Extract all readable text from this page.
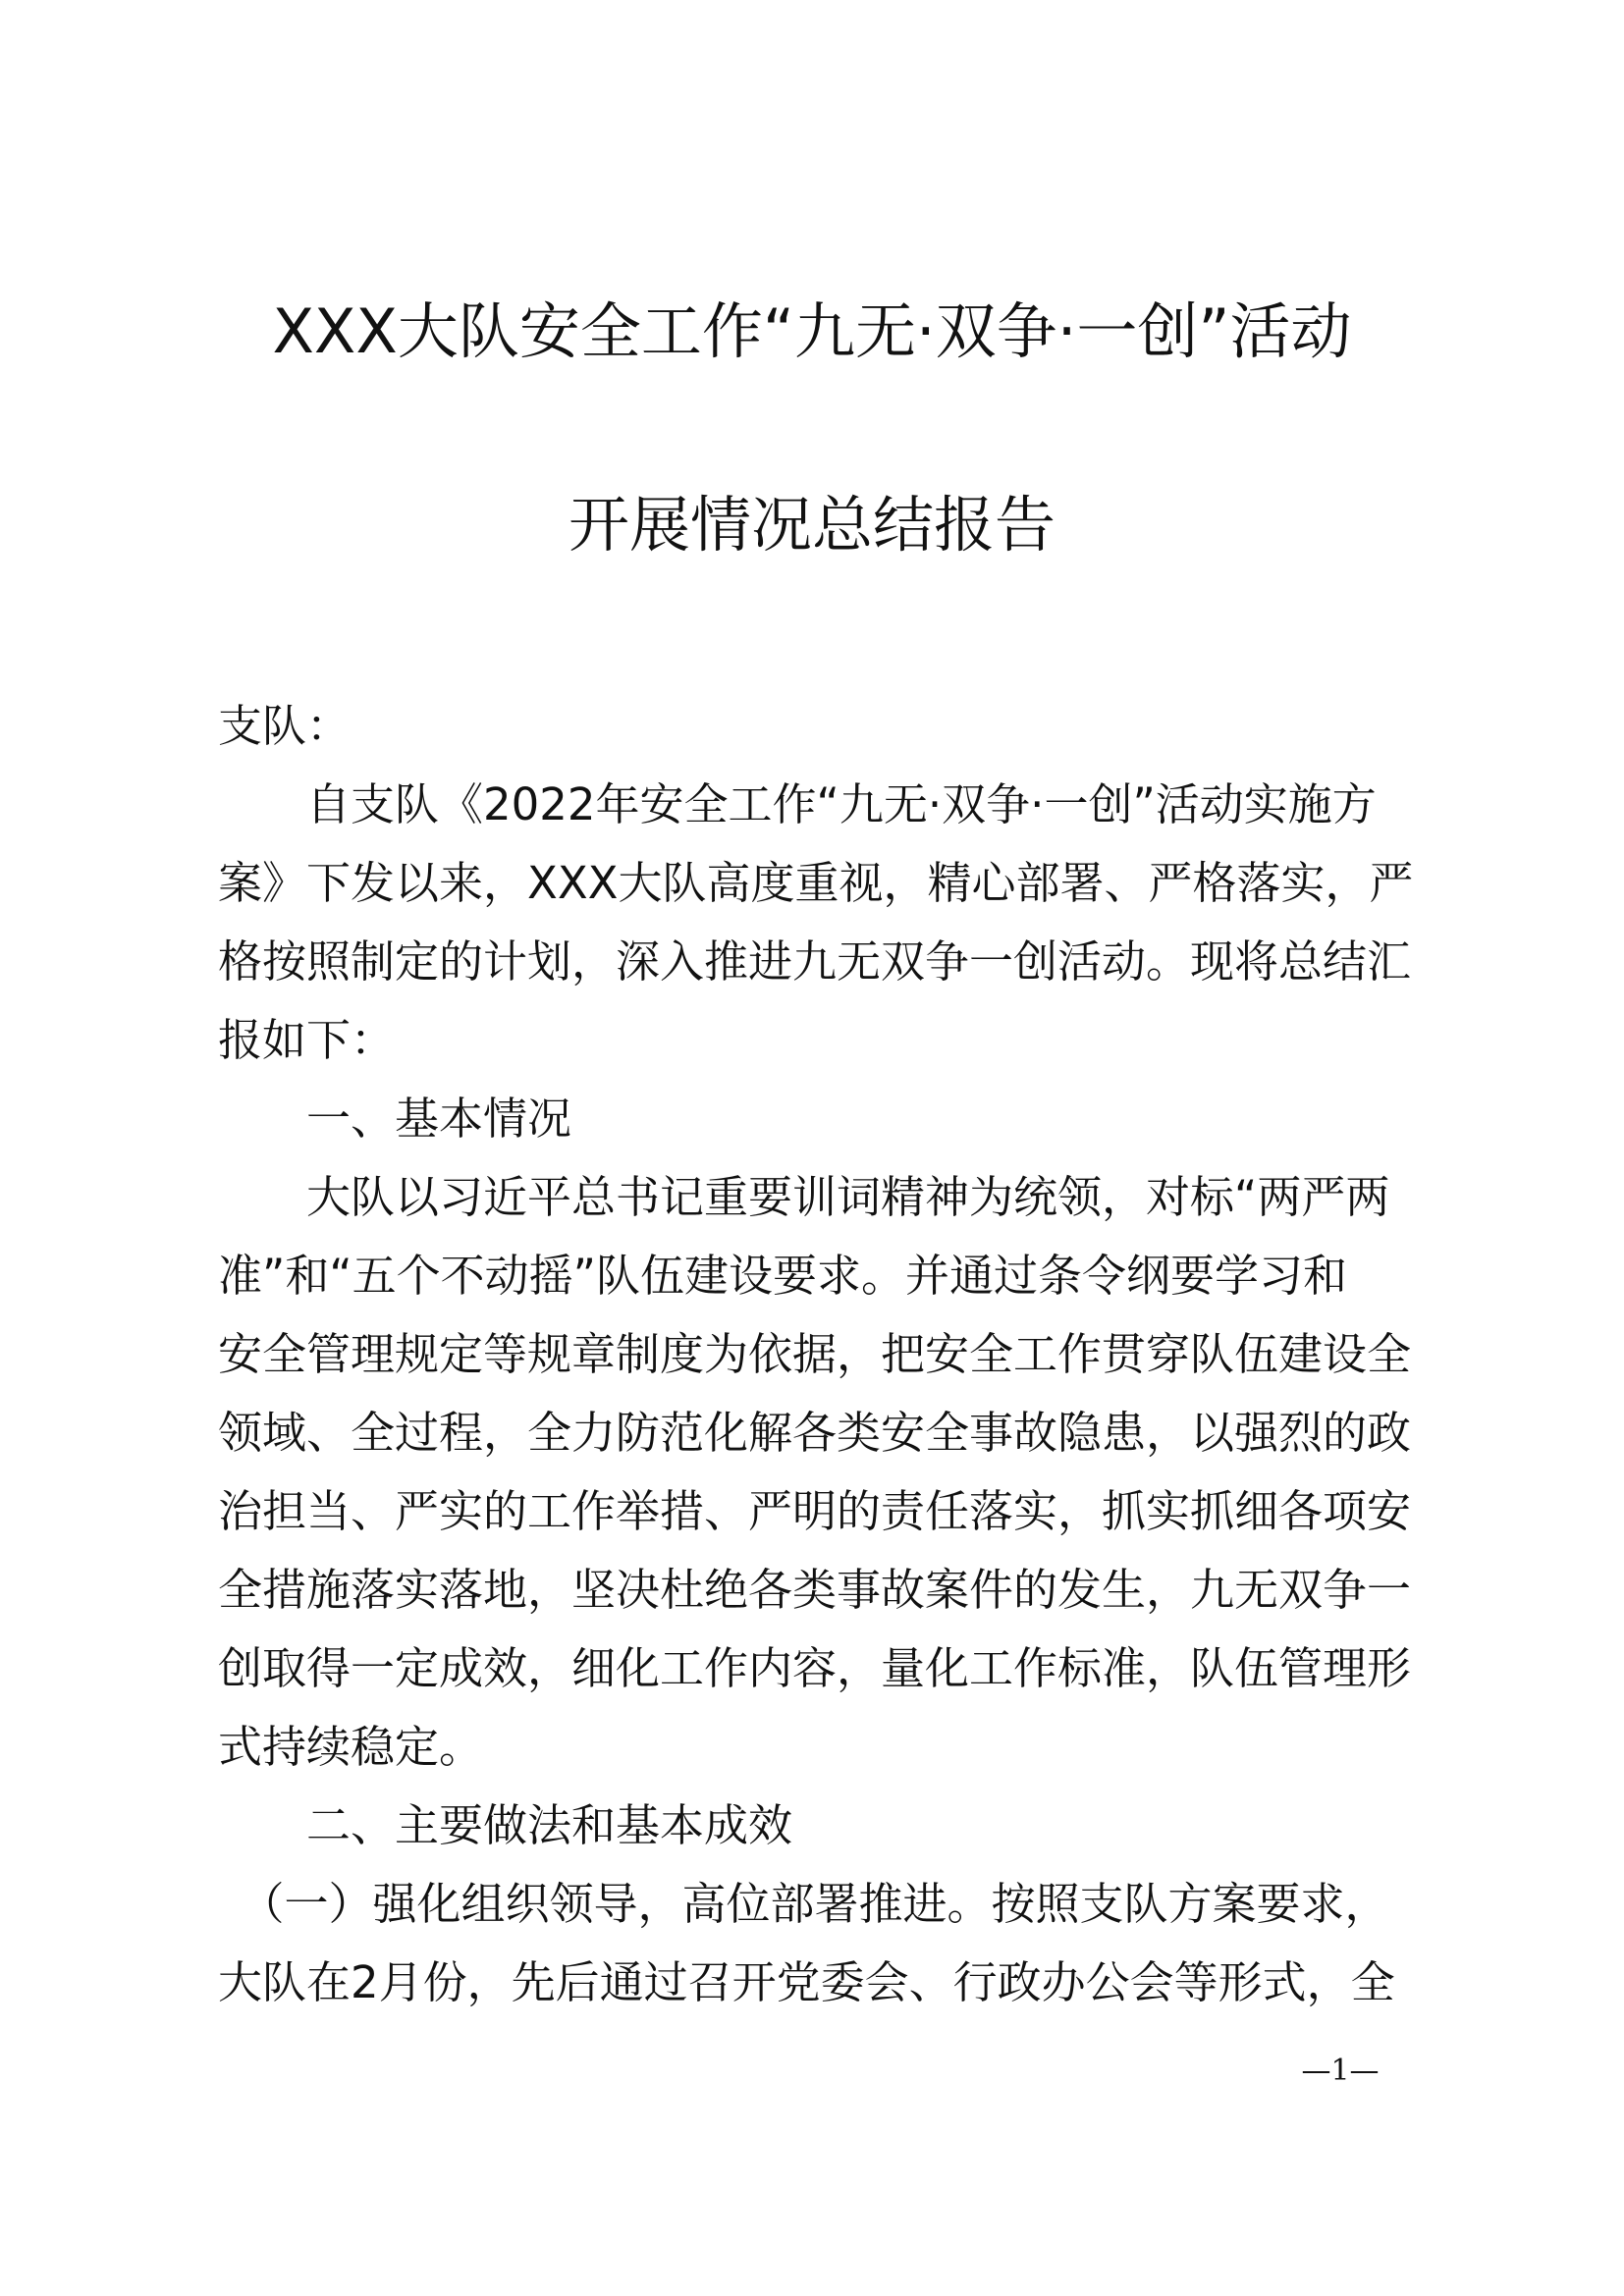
XXX大队安全工作“九无·双争·一创”活动
开展情况总结报告
支队：
　　自支队《2022年安全工作“九无·双争·一创”活动实施方
案》下发以来，XXX大队高度重视，精心部署、严格落实，严
格按照制定的计划，深入推进九无双争一创活动。现将总结汇
报如下：
　　一、基本情况
　　大队以习近平总书记重要训词精神为统领，对标“两严两
准”和“五个不动摇”队伍建设要求。并通过条令纲要学习和
安全管理规定等规章制度为依据，把安全工作贯穿队伍建设全
领域、全过程，全力防范化解各类安全事故隐患，以强烈的政
治担当、严实的工作举措、严明的责任落实，抓实抓细各项安
全措施落实落地，坚决杜绝各类事故案件的发生，九无双争一
创取得一定成效，细化工作内容，量化工作标准，队伍管理形
式持续稳定。
　　二、主要做法和基本成效
　（一）强化组织领导，高位部署推进。按照支队方案要求，
大队在2月份，先后通过召开党委会、行政办公会等形式，全
—1—
